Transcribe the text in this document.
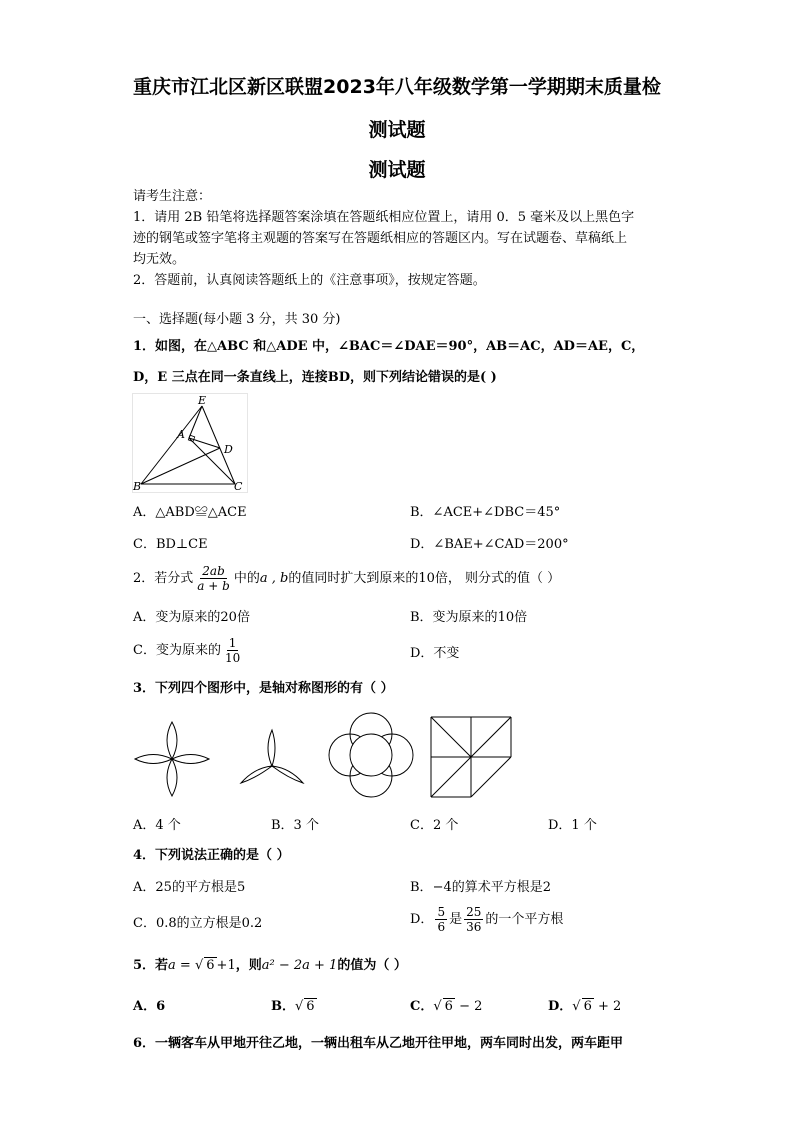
重庆市江北区新区联盟2023年八年级数学第一学期期末质量检
测试题
测试题
请考生注意：
1．请用 2B 铅笔将选择题答案涂填在答题纸相应位置上，请用 0．5 毫米及以上黑色字
迹的钢笔或签字笔将主观题的答案写在答题纸相应的答题区内。写在试题卷、草稿纸上
均无效。
2．答题前，认真阅读答题纸上的《注意事项》，按规定答题。
一、选择题(每小题 3 分，共 30 分)
1．如图，在△ABC 和△ADE 中，∠BAC＝∠DAE＝90°，AB＝AC，AD＝AE，C，
D，E 三点在同一条直线上，连接BD，则下列结论错误的是( )
E
A
D
B	C
A．△ABD≌△ACE	B．∠ACE+∠DBC＝45°
C．BD⊥CE	D．∠BAE+∠CAD＝200°
2．若分式 $\frac{2ab}{a + b}$ 中的 a , b 的值同时扩大到原来的 10 倍， 则分式的值（ ）
A．变为原来的20倍	B．变为原来的10倍
C．变为原来的 $\frac{1}{10}$	D．不变
3．下列四个图形中，是轴对称图形的有（ ）
A．4 个	B．3 个	C．2 个	D．1 个
4．下列说法正确的是（ ）
A．25的平方根是5	B．−4的算术平方根是2
C．0.8的立方根是0.2	D． $\frac{5}{6}$ 是 $\frac{25}{36}$ 的一个平方根
5．若a = √ 6 +1，则a² − 2a + 1的值为（ ）
A．6	B．√ 6	C．√ 6 − 2	D．√ 6 + 2
6．一辆客车从甲地开往乙地，一辆出租车从乙地开往甲地，两车同时出发，两车距甲
